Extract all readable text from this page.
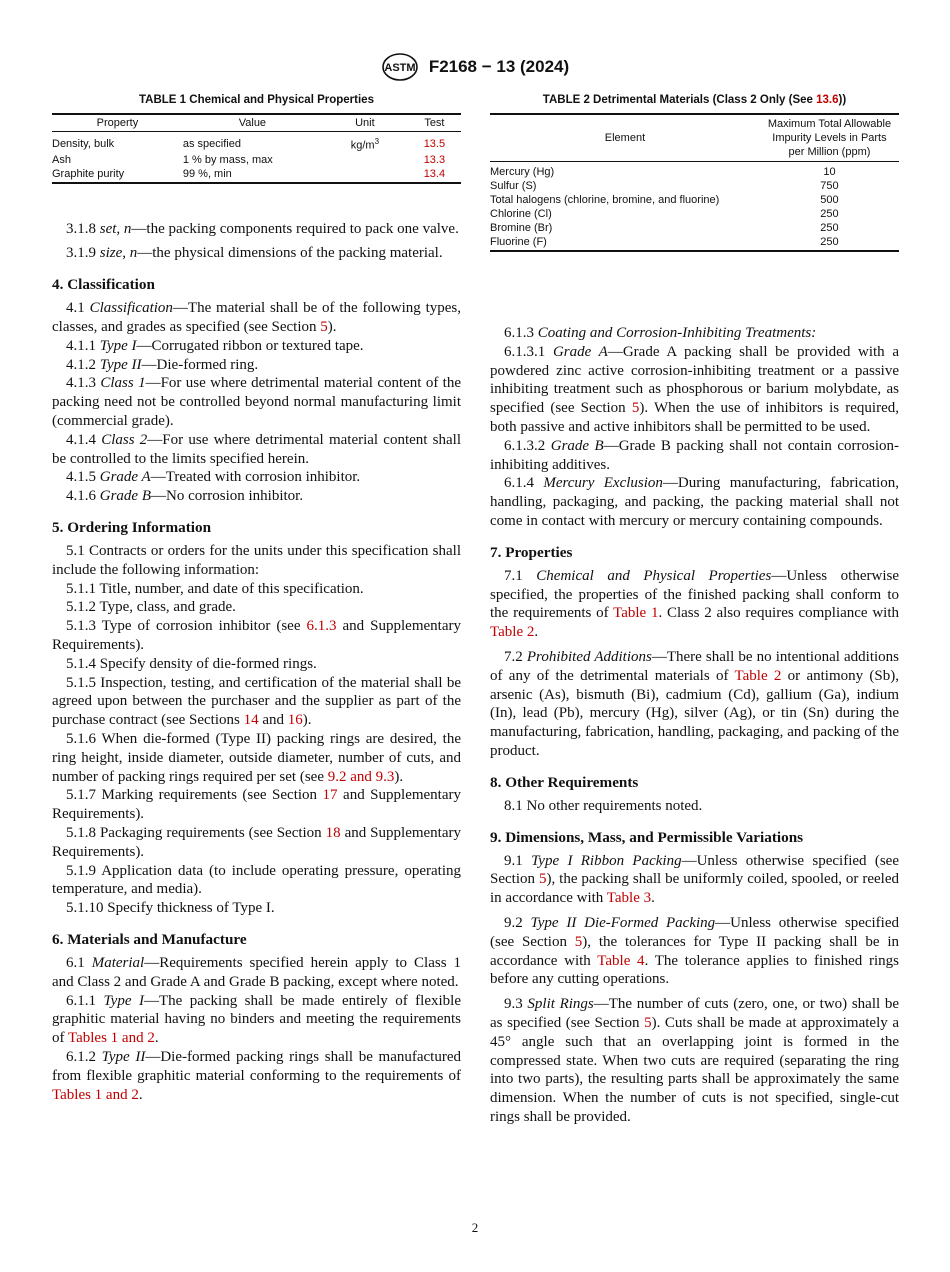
ASTM F2168 − 13 (2024)
TABLE 1 Chemical and Physical Properties
Property	Value	Unit	Test
Density, bulk	as specified	$kg/m^3$	13.5
Ash	1 % by mass, max		13.3
Graphite purity	99 %, min		13.4

3.1.8 set, n—the packing components required to pack one valve.

3.1.9 size, n—the physical dimensions of the packing material.

4. Classification

4.1 Classification—The material shall be of the following types, classes, and grades as specified (see Section 5).

4.1.1 Type I—Corrugated ribbon or textured tape.

4.1.2 Type II—Die-formed ring.

4.1.3 Class 1—For use where detrimental material content of the packing need not be controlled beyond normal manufacturing limit (commercial grade).

4.1.4 Class 2—For use where detrimental material content shall be controlled to the limits specified herein.

4.1.5 Grade A—Treated with corrosion inhibitor.

4.1.6 Grade B—No corrosion inhibitor.

5. Ordering Information

5.1 Contracts or orders for the units under this specification shall include the following information:

5.1.1 Title, number, and date of this specification.

5.1.2 Type, class, and grade.

5.1.3 Type of corrosion inhibitor (see 6.1.3 and Supplementary Requirements).

5.1.4 Specify density of die-formed rings.

5.1.5 Inspection, testing, and certification of the material shall be agreed upon between the purchaser and the supplier as part of the purchase contract (see Sections 14 and 16).

5.1.6 When die-formed (Type II) packing rings are desired, the ring height, inside diameter, outside diameter, number of cuts, and number of packing rings required per set (see 9.2 and 9.3).

5.1.7 Marking requirements (see Section 17 and Supplementary Requirements).

5.1.8 Packaging requirements (see Section 18 and Supplementary Requirements).

5.1.9 Application data (to include operating pressure, operating temperature, and media).

5.1.10 Specify thickness of Type I.

6. Materials and Manufacture

6.1 Material—Requirements specified herein apply to Class 1 and Class 2 and Grade A and Grade B packing, except where noted.

6.1.1 Type I—The packing shall be made entirely of flexible graphitic material having no binders and meeting the requirements of Tables 1 and 2.

6.1.2 Type II—Die-formed packing rings shall be manufactured from flexible graphitic material conforming to the requirements of Tables 1 and 2.

TABLE 2 Detrimental Materials (Class 2 Only (See 13.6))
Element	Maximum Total Allowable
Impurity Levels in Parts
per Million (ppm)
Mercury (Hg)	10
Sulfur (S)	750
Total halogens (chlorine, bromine, and fluorine)	500
Chlorine (Cl)	250
Bromine (Br)	250
Fluorine (F)	250

6.1.3 Coating and Corrosion-Inhibiting Treatments:

6.1.3.1 Grade A—Grade A packing shall be provided with a powdered zinc active corrosion-inhibiting treatment or a passive inhibiting treatment such as phosphorous or barium molybdate, as specified (see Section 5). When the use of inhibitors is required, both passive and active inhibitors shall be permitted to be used.

6.1.3.2 Grade B—Grade B packing shall not contain corrosion-inhibiting additives.

6.1.4 Mercury Exclusion—During manufacturing, fabrication, handling, packaging, and packing, the packing material shall not come in contact with mercury or mercury containing compounds.

7. Properties

7.1 Chemical and Physical Properties—Unless otherwise specified, the properties of the finished packing shall conform to the requirements of Table 1. Class 2 also requires compliance with Table 2.

7.2 Prohibited Additions—There shall be no intentional additions of any of the detrimental materials of Table 2 or antimony (Sb), arsenic (As), bismuth (Bi), cadmium (Cd), gallium (Ga), indium (In), lead (Pb), mercury (Hg), silver (Ag), or tin (Sn) during the manufacturing, fabrication, handling, packaging, and packing of the product.

8. Other Requirements

8.1 No other requirements noted.

9. Dimensions, Mass, and Permissible Variations

9.1 Type I Ribbon Packing—Unless otherwise specified (see Section 5), the packing shall be uniformly coiled, spooled, or reeled in accordance with Table 3.

9.2 Type II Die-Formed Packing—Unless otherwise specified (see Section 5), the tolerances for Type II packing shall be in accordance with Table 4. The tolerance applies to finished rings before any cutting operations.

9.3 Split Rings—The number of cuts (zero, one, or two) shall be as specified (see Section 5). Cuts shall be made at approximately a 45° angle such that an overlapping joint is formed in the compressed state. When two cuts are required (separating the ring into two parts), the resulting parts shall be approximately the same dimension. When the number of cuts is not specified, single-cut rings shall be provided.

2
